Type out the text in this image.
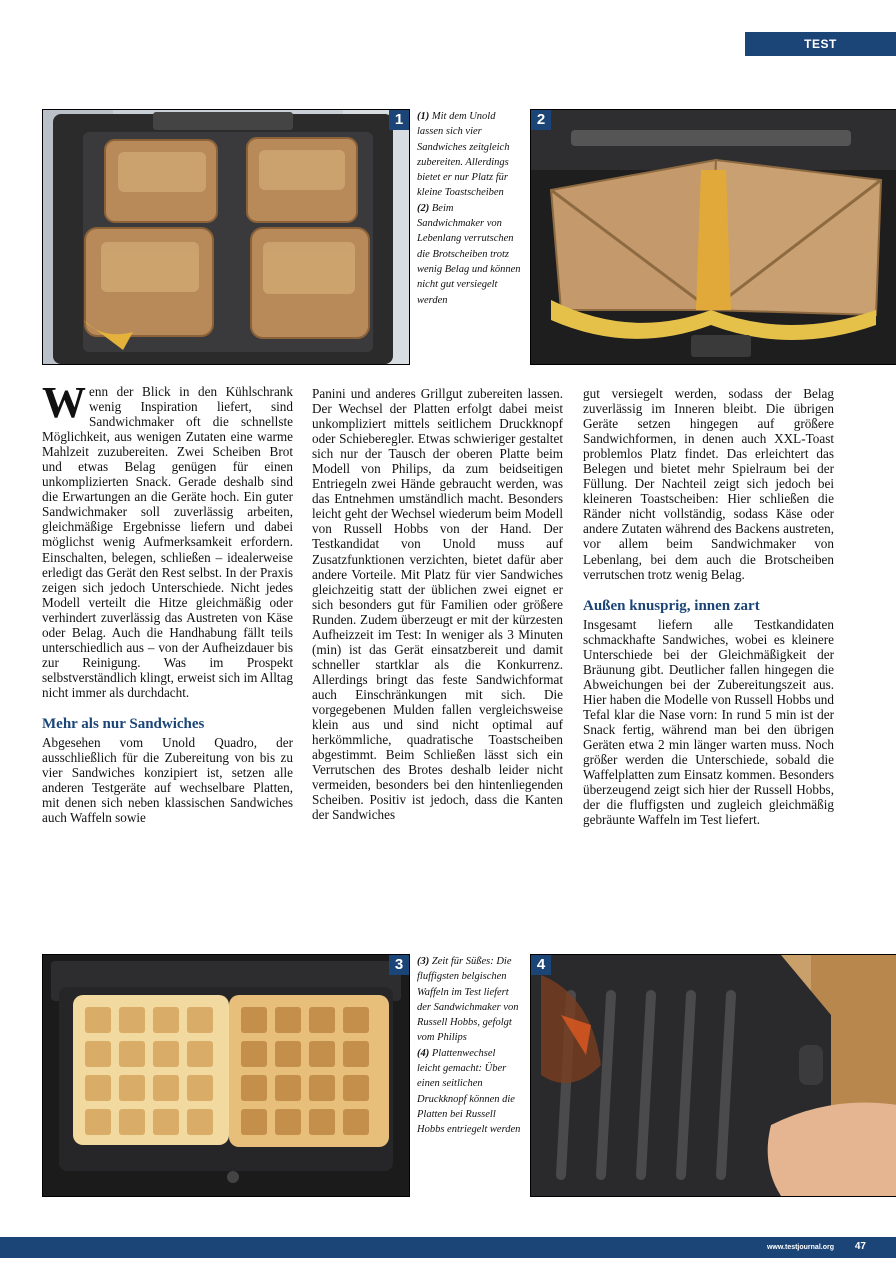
TEST
1	(1) Mit dem Unold lassen sich vier Sandwiches zeitgleich zubereiten. Allerdings bietet er nur Platz für kleine Toastscheiben
(2) Beim Sandwichmaker von Lebenlang verrutschen die Brotscheiben trotz wenig Belag und können nicht gut versiegelt werden
2

Wenn der Blick in den Kühlschrank wenig Inspiration liefert, sind Sandwichmaker oft die schnellste Möglichkeit, aus wenigen Zutaten eine warme Mahlzeit zuzubereiten. Zwei Scheiben Brot und etwas Belag genügen für einen unkomplizierten Snack. Gerade deshalb sind die Erwartungen an die Geräte hoch. Ein guter Sandwichmaker soll zuverlässig arbeiten, gleichmäßige Ergebnisse liefern und dabei möglichst wenig Aufmerksamkeit erfordern. Einschalten, belegen, schließen – idealerweise erledigt das Gerät den Rest selbst. In der Praxis zeigen sich jedoch Unterschiede. Nicht jedes Modell verteilt die Hitze gleichmäßig oder verhindert zuverlässig das Austreten von Käse oder Belag. Auch die Handhabung fällt teils unterschiedlich aus – von der Aufheizdauer bis zur Reinigung. Was im Prospekt selbstverständlich klingt, erweist sich im Alltag nicht immer als durchdacht.

Mehr als nur Sandwiches

Abgesehen vom Unold Quadro, der ausschließlich für die Zubereitung von bis zu vier Sandwiches konzipiert ist, setzen alle anderen Testgeräte auf wechselbare Platten, mit denen sich neben klassischen Sandwiches auch Waffeln sowie

Panini und anderes Grillgut zubereiten lassen. Der Wechsel der Platten erfolgt dabei meist unkompliziert mittels seitlichem Druckknopf oder Schieberegler. Etwas schwieriger gestaltet sich nur der Tausch der oberen Platte beim Modell von Philips, da zum beidseitigen Entriegeln zwei Hände gebraucht werden, was das Entnehmen umständlich macht. Besonders leicht geht der Wechsel wiederum beim Modell von Russell Hobbs von der Hand. Der Testkandidat von Unold muss auf Zusatzfunktionen verzichten, bietet dafür aber andere Vorteile. Mit Platz für vier Sandwiches gleichzeitig statt der üblichen zwei eignet er sich besonders gut für Familien oder größere Runden. Zudem überzeugt er mit der kürzesten Aufheizzeit im Test: In weniger als 3 Minuten (min) ist das Gerät einsatzbereit und damit schneller startklar als die Konkurrenz. Allerdings bringt das feste Sandwichformat auch Einschränkungen mit sich. Die vorgegebenen Mulden fallen vergleichsweise klein aus und sind nicht optimal auf herkömmliche, quadratische Toastscheiben abgestimmt. Beim Schließen lässt sich ein Verrutschen des Brotes deshalb leider nicht vermeiden, besonders bei den hintenliegenden Scheiben. Positiv ist jedoch, dass die Kanten der Sandwiches

gut versiegelt werden, sodass der Belag zuverlässig im Inneren bleibt. Die übrigen Geräte setzen hingegen auf größere Sandwichformen, in denen auch XXL-Toast problemlos Platz findet. Das erleichtert das Belegen und bietet mehr Spielraum bei der Füllung. Der Nachteil zeigt sich jedoch bei kleineren Toastscheiben: Hier schließen die Ränder nicht vollständig, sodass Käse oder andere Zutaten während des Backens austreten, vor allem beim Sandwichmaker von Lebenlang, bei dem auch die Brotscheiben verrutschen trotz wenig Belag.

Außen knusprig, innen zart

Insgesamt liefern alle Testkandidaten schmackhafte Sandwiches, wobei es kleinere Unterschiede bei der Gleichmäßigkeit der Bräunung gibt. Deutlicher fallen hingegen die Abweichungen bei der Zubereitungszeit aus. Hier haben die Modelle von Russell Hobbs und Tefal klar die Nase vorn: In rund 5 min ist der Snack fertig, während man bei den übrigen Geräten etwa 2 min länger warten muss. Noch größer werden die Unterschiede, sobald die Waffelplatten zum Einsatz kommen. Besonders überzeugend zeigt sich hier der Russell Hobbs, der die fluffigsten und zugleich gleichmäßig gebräunte Waffeln im Test liefert.

3	(3) Zeit für Süßes: Die fluffigsten belgischen Waffeln im Test liefert der Sandwichmaker von Russell Hobbs, gefolgt vom Philips
(4) Plattenwechsel leicht gemacht: Über einen seitlichen Druckknopf können die Platten bei Russell Hobbs entriegelt werden
4
www.testjournal.org 47
